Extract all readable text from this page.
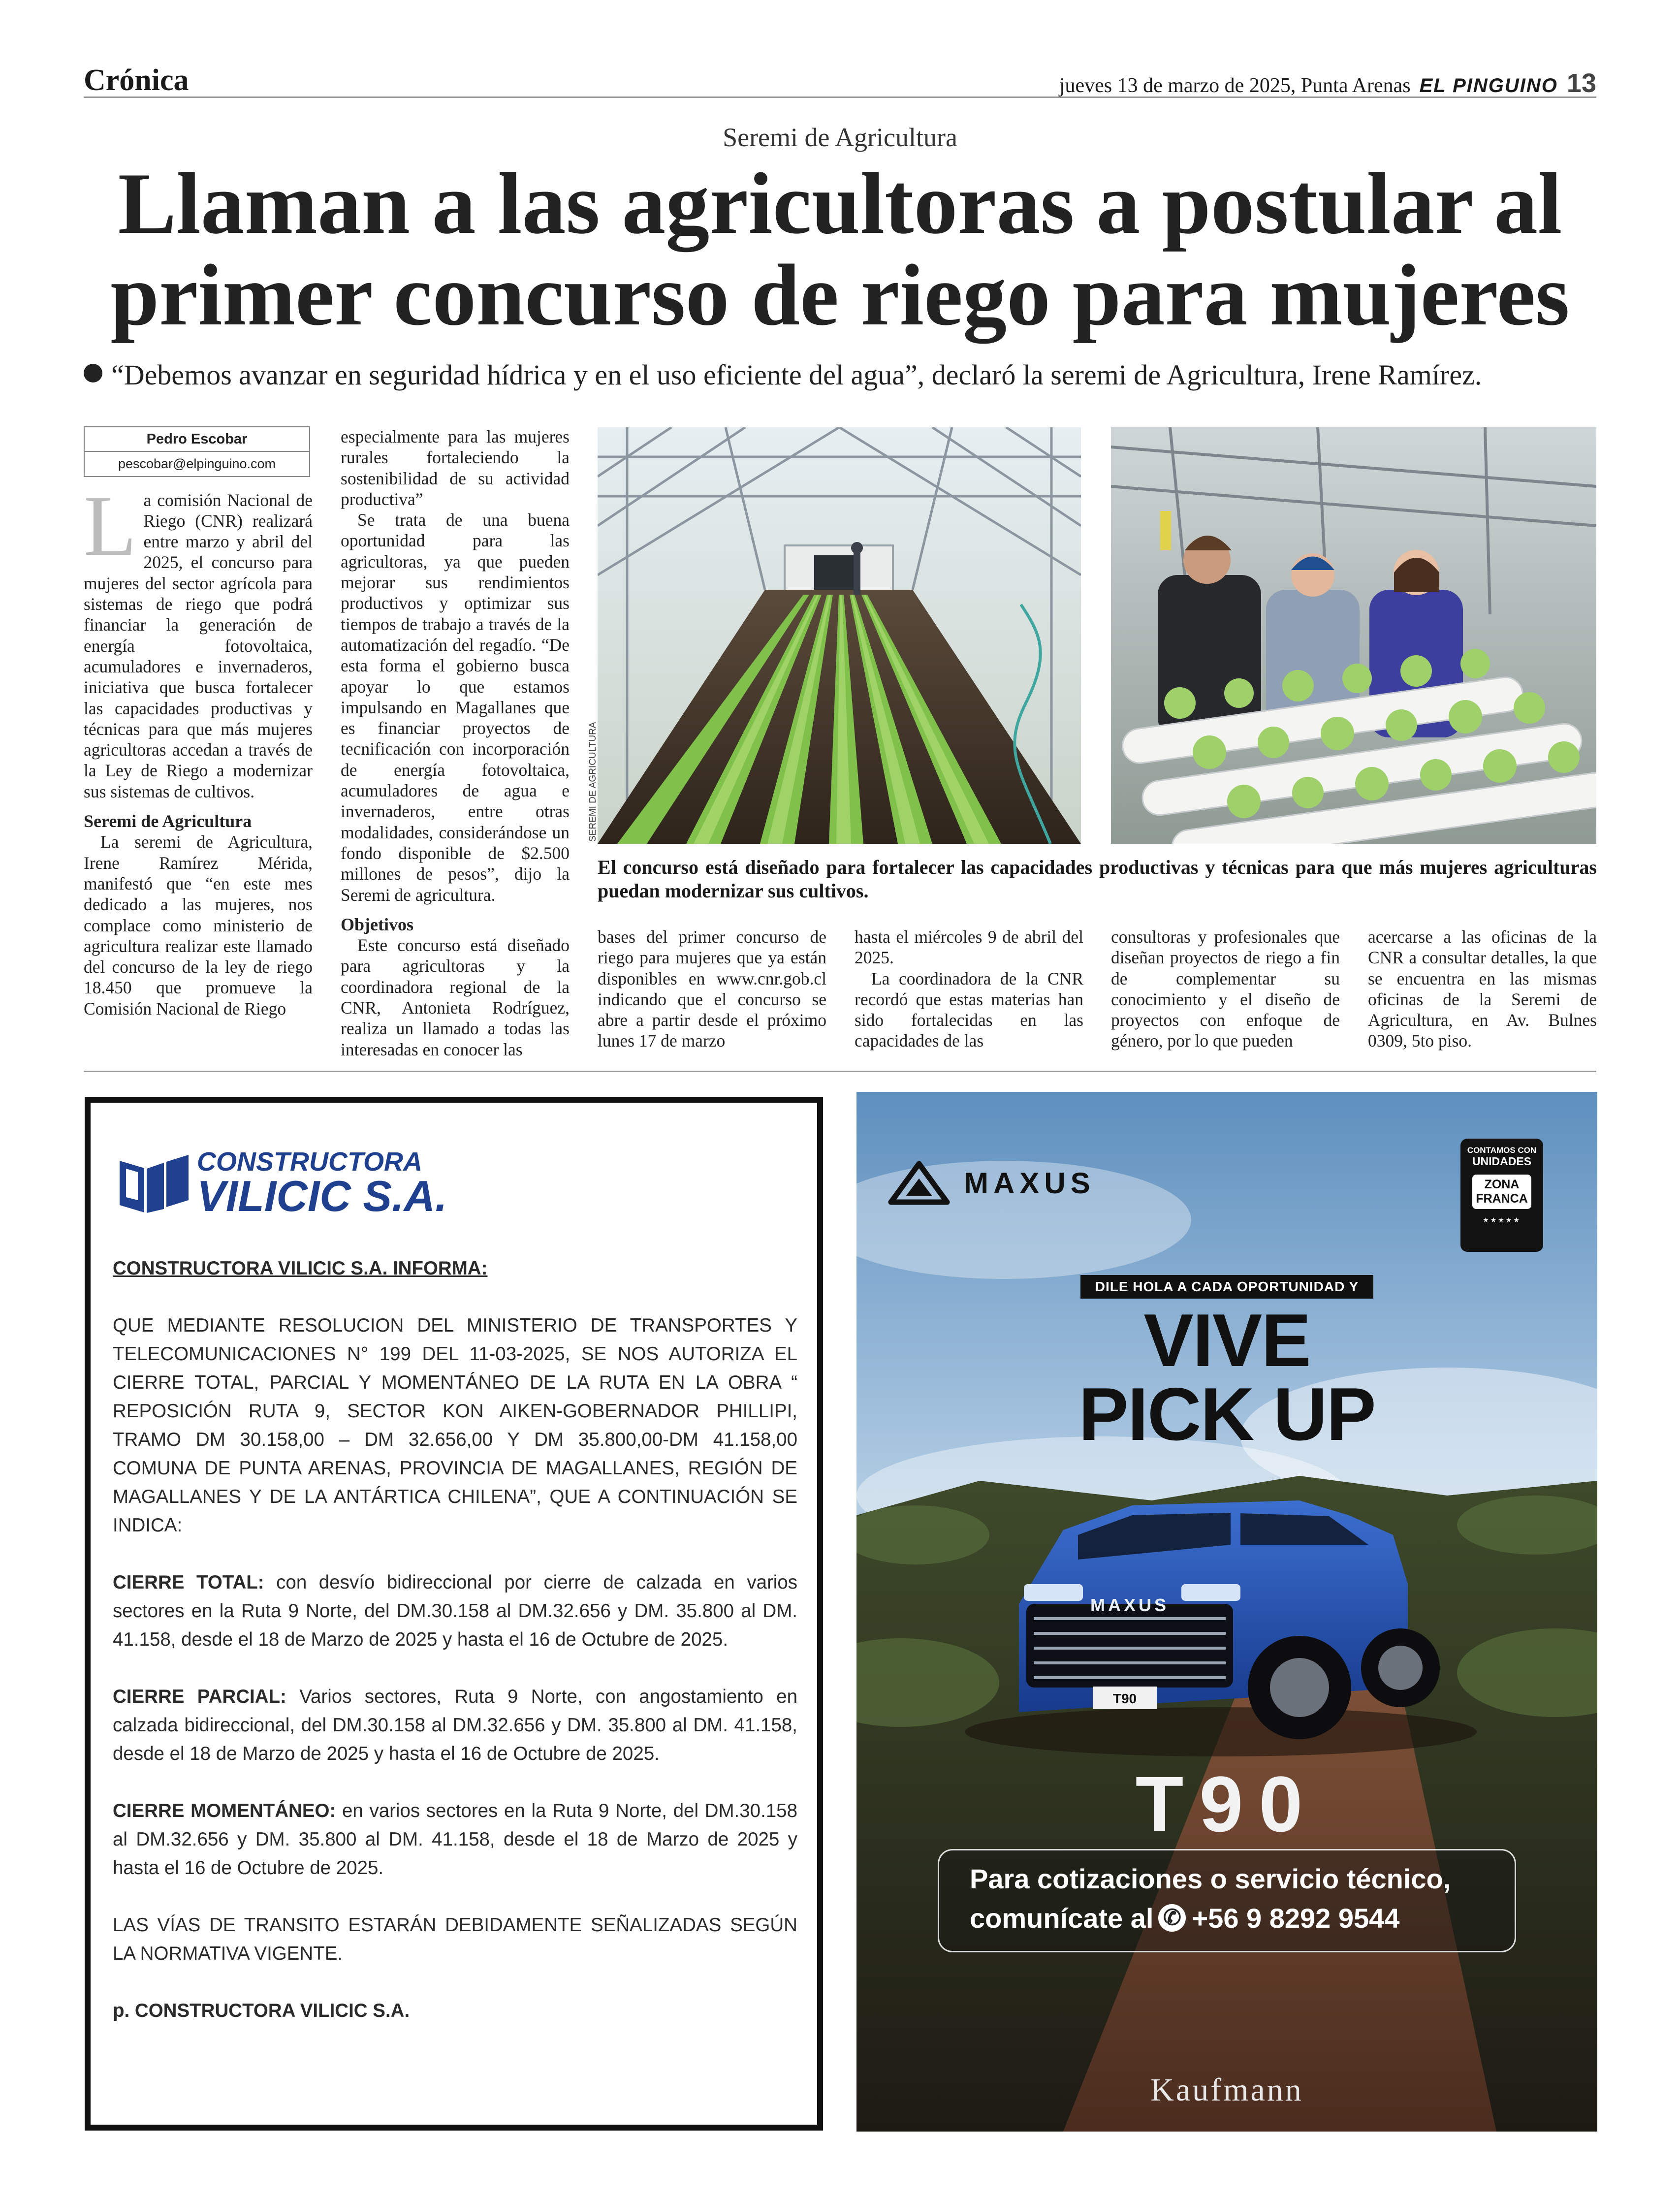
Crónica	jueves 13 de marzo de 2025, Punta Arenas EL PINGUINO 13
Seremi de Agricultura
Llaman a las agricultoras a postular al
primer concurso de riego para mujeres
“Debemos avanzar en seguridad hídrica y en el uso eficiente del agua”, declaró la seremi de Agricultura, Irene Ramírez.
Pedro Escobar
pescobar@elpinguino.com

La comisión Nacional de Riego (CNR) realizará entre marzo y abril del 2025, el concurso para mujeres del sector agrícola para sistemas de riego que podrá financiar la generación de energía fotovoltaica, acumuladores e invernaderos, iniciativa que busca fortalecer las capacidades productivas y técnicas para que más mujeres agricultoras accedan a través de la Ley de Riego a modernizar sus sistemas de cultivos.

Seremi de Agricultura

La seremi de Agricultura, Irene Ramírez Mérida, manifestó que “en este mes dedicado a las mujeres, nos complace como ministerio de agricultura realizar este llamado del concurso de la ley de riego 18.450 que promueve la Comisión Nacional de Riego

especialmente para las mujeres rurales fortaleciendo la sostenibilidad de su actividad productiva”

Se trata de una buena oportunidad para las agricultoras, ya que pueden mejorar sus rendimientos productivos y optimizar sus tiempos de trabajo a través de la automatización del regadío. “De esta forma el gobierno busca apoyar lo que estamos impulsando en Magallanes que es financiar proyectos de tecnificación con incorporación de energía fotovoltaica, acumuladores de agua e invernaderos, entre otras modalidades, considerándose un fondo disponible de $2.500 millones de pesos”, dijo la Seremi de agricultura.

Objetivos

Este concurso está diseñado para agricultoras y la coordinadora regional de la CNR, Antonieta Rodríguez, realiza un llamado a todas las interesadas en conocer las

SEREMI DE AGRICULTURA
El concurso está diseñado para fortalecer las capacidades productivas y técnicas para que más mujeres agriculturas puedan modernizar sus cultivos.

bases del primer concurso de riego para mujeres que ya están disponibles en www.cnr.gob.cl indicando que el concurso se abre a partir desde el próximo lunes 17 de marzo

hasta el miércoles 9 de abril del 2025.

La coordinadora de la CNR recordó que estas materias han sido fortalecidas en las capacidades de las

consultoras y profesionales que diseñan proyectos de riego a fin de complementar su conocimiento y el diseño de proyectos con enfoque de género, por lo que pueden

acercarse a las oficinas de la CNR a consultar detalles, la que se encuentra en las mismas oficinas de la Seremi de Agricultura, en Av. Bulnes 0309, 5to piso.

CONSTRUCTORA
VILICIC S.A.

CONSTRUCTORA VILICIC S.A. INFORMA:

QUE MEDIANTE RESOLUCION DEL MINISTERIO DE TRANSPORTES Y TELECOMUNICACIONES N° 199 DEL 11-03-2025, SE NOS AUTORIZA EL CIERRE TOTAL, PARCIAL Y MOMENTÁNEO DE LA RUTA EN LA OBRA “ REPOSICIÓN RUTA 9, SECTOR KON AIKEN-GOBERNADOR PHILLIPI, TRAMO DM 30.158,00 – DM 32.656,00 Y DM 35.800,00-DM 41.158,00 COMUNA DE PUNTA ARENAS, PROVINCIA DE MAGALLANES, REGIÓN DE MAGALLANES Y DE LA ANTÁRTICA CHILENA”, QUE A CONTINUACIÓN SE INDICA:

CIERRE TOTAL: con desvío bidireccional por cierre de calzada en varios sectores en la Ruta 9 Norte, del DM.30.158 al DM.32.656 y DM. 35.800 al DM. 41.158, desde el 18 de Marzo de 2025 y hasta el 16 de Octubre de 2025.

CIERRE PARCIAL: Varios sectores, Ruta 9 Norte, con angostamiento en calzada bidireccional, del DM.30.158 al DM.32.656 y DM. 35.800 al DM. 41.158, desde el 18 de Marzo de 2025 y hasta el 16 de Octubre de 2025.

CIERRE MOMENTÁNEO: en varios sectores en la Ruta 9 Norte, del DM.30.158 al DM.32.656 y DM. 35.800 al DM. 41.158, desde el 18 de Marzo de 2025 y hasta el 16 de Octubre de 2025.

LAS VÍAS DE TRANSITO ESTARÁN DEBIDAMENTE SEÑALIZADAS SEGÚN LA NORMATIVA VIGENTE.

p. CONSTRUCTORA VILICIC S.A.

MAXUS
T90
MAXUS
CONTAMOS CON
UNIDADES
ZONA
FRANCA
★★★★★
DILE HOLA A CADA OPORTUNIDAD Y
VIVE
PICK UP
T90
Para cotizaciones o servicio técnico,
comunícate al✆ +56 9 8292 9544
Kaufmann
